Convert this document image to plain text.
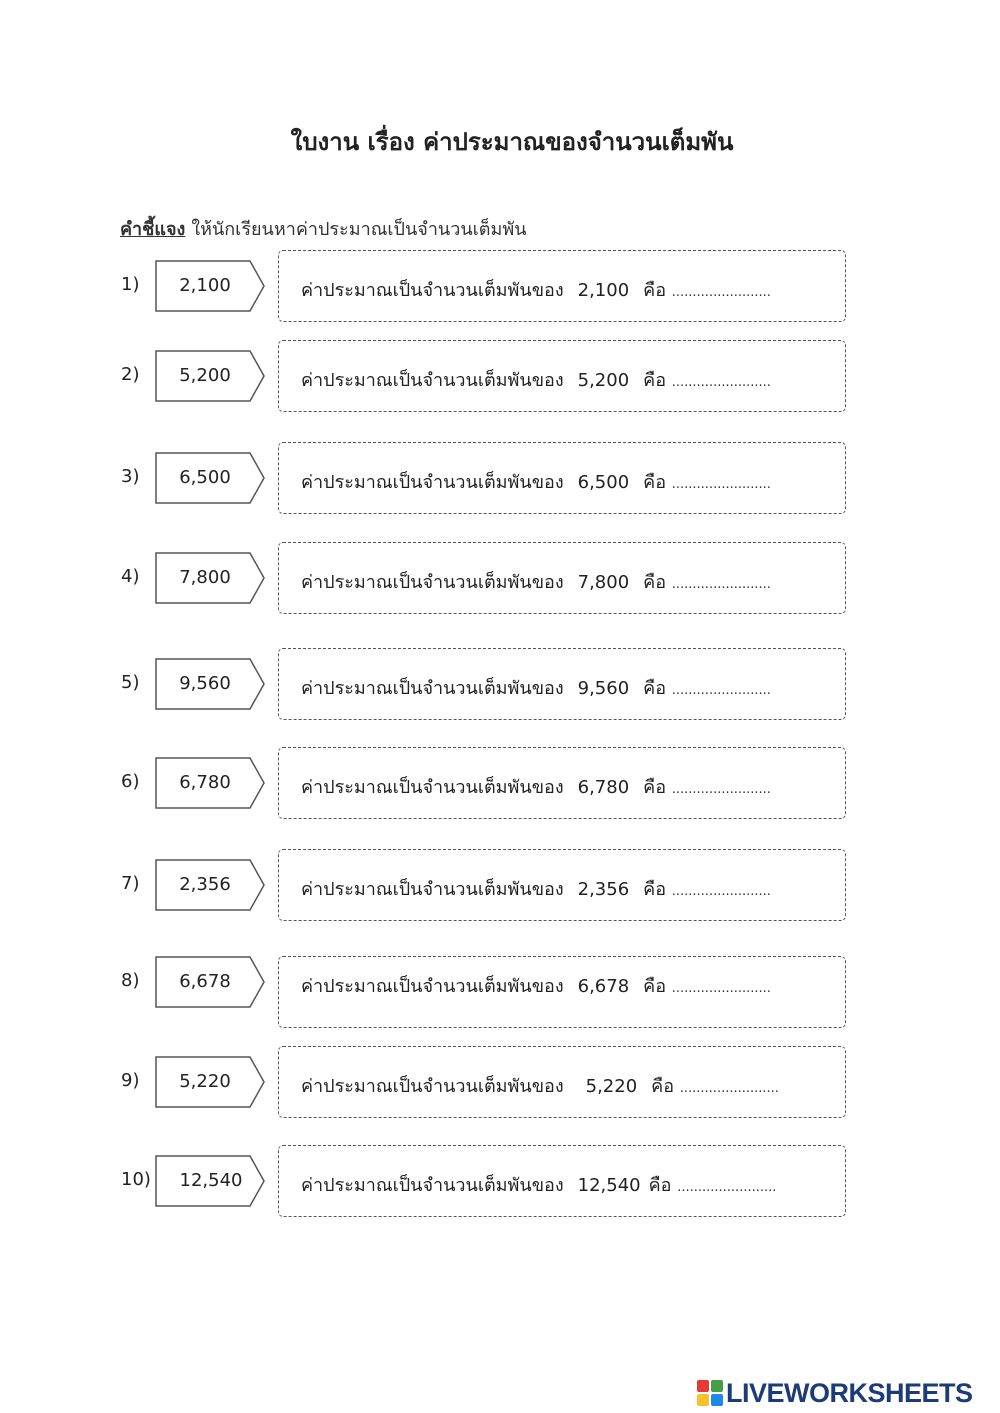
ใบงาน เรื่อง ค่าประมาณของจำนวนเต็มพัน
คำชี้แจง ให้นักเรียนหาค่าประมาณเป็นจำนวนเต็มพัน
1)	2,100	ค่าประมาณเป็นจำนวนเต็มพันของ 2,100 คือ ........................
2)	5,200	ค่าประมาณเป็นจำนวนเต็มพันของ 5,200 คือ ........................
3)	6,500	ค่าประมาณเป็นจำนวนเต็มพันของ 6,500 คือ ........................
4)	7,800	ค่าประมาณเป็นจำนวนเต็มพันของ 7,800 คือ ........................
5)	9,560	ค่าประมาณเป็นจำนวนเต็มพันของ 9,560 คือ ........................
6)	6,780	ค่าประมาณเป็นจำนวนเต็มพันของ 6,780 คือ ........................
7)	2,356	ค่าประมาณเป็นจำนวนเต็มพันของ 2,356 คือ ........................
8)	6,678	ค่าประมาณเป็นจำนวนเต็มพันของ 6,678 คือ ........................
9)	5,220	ค่าประมาณเป็นจำนวนเต็มพันของ 5,220 คือ ........................
10)	12,540	ค่าประมาณเป็นจำนวนเต็มพันของ 12,540 คือ ........................
LIVEWORKSHEETS
